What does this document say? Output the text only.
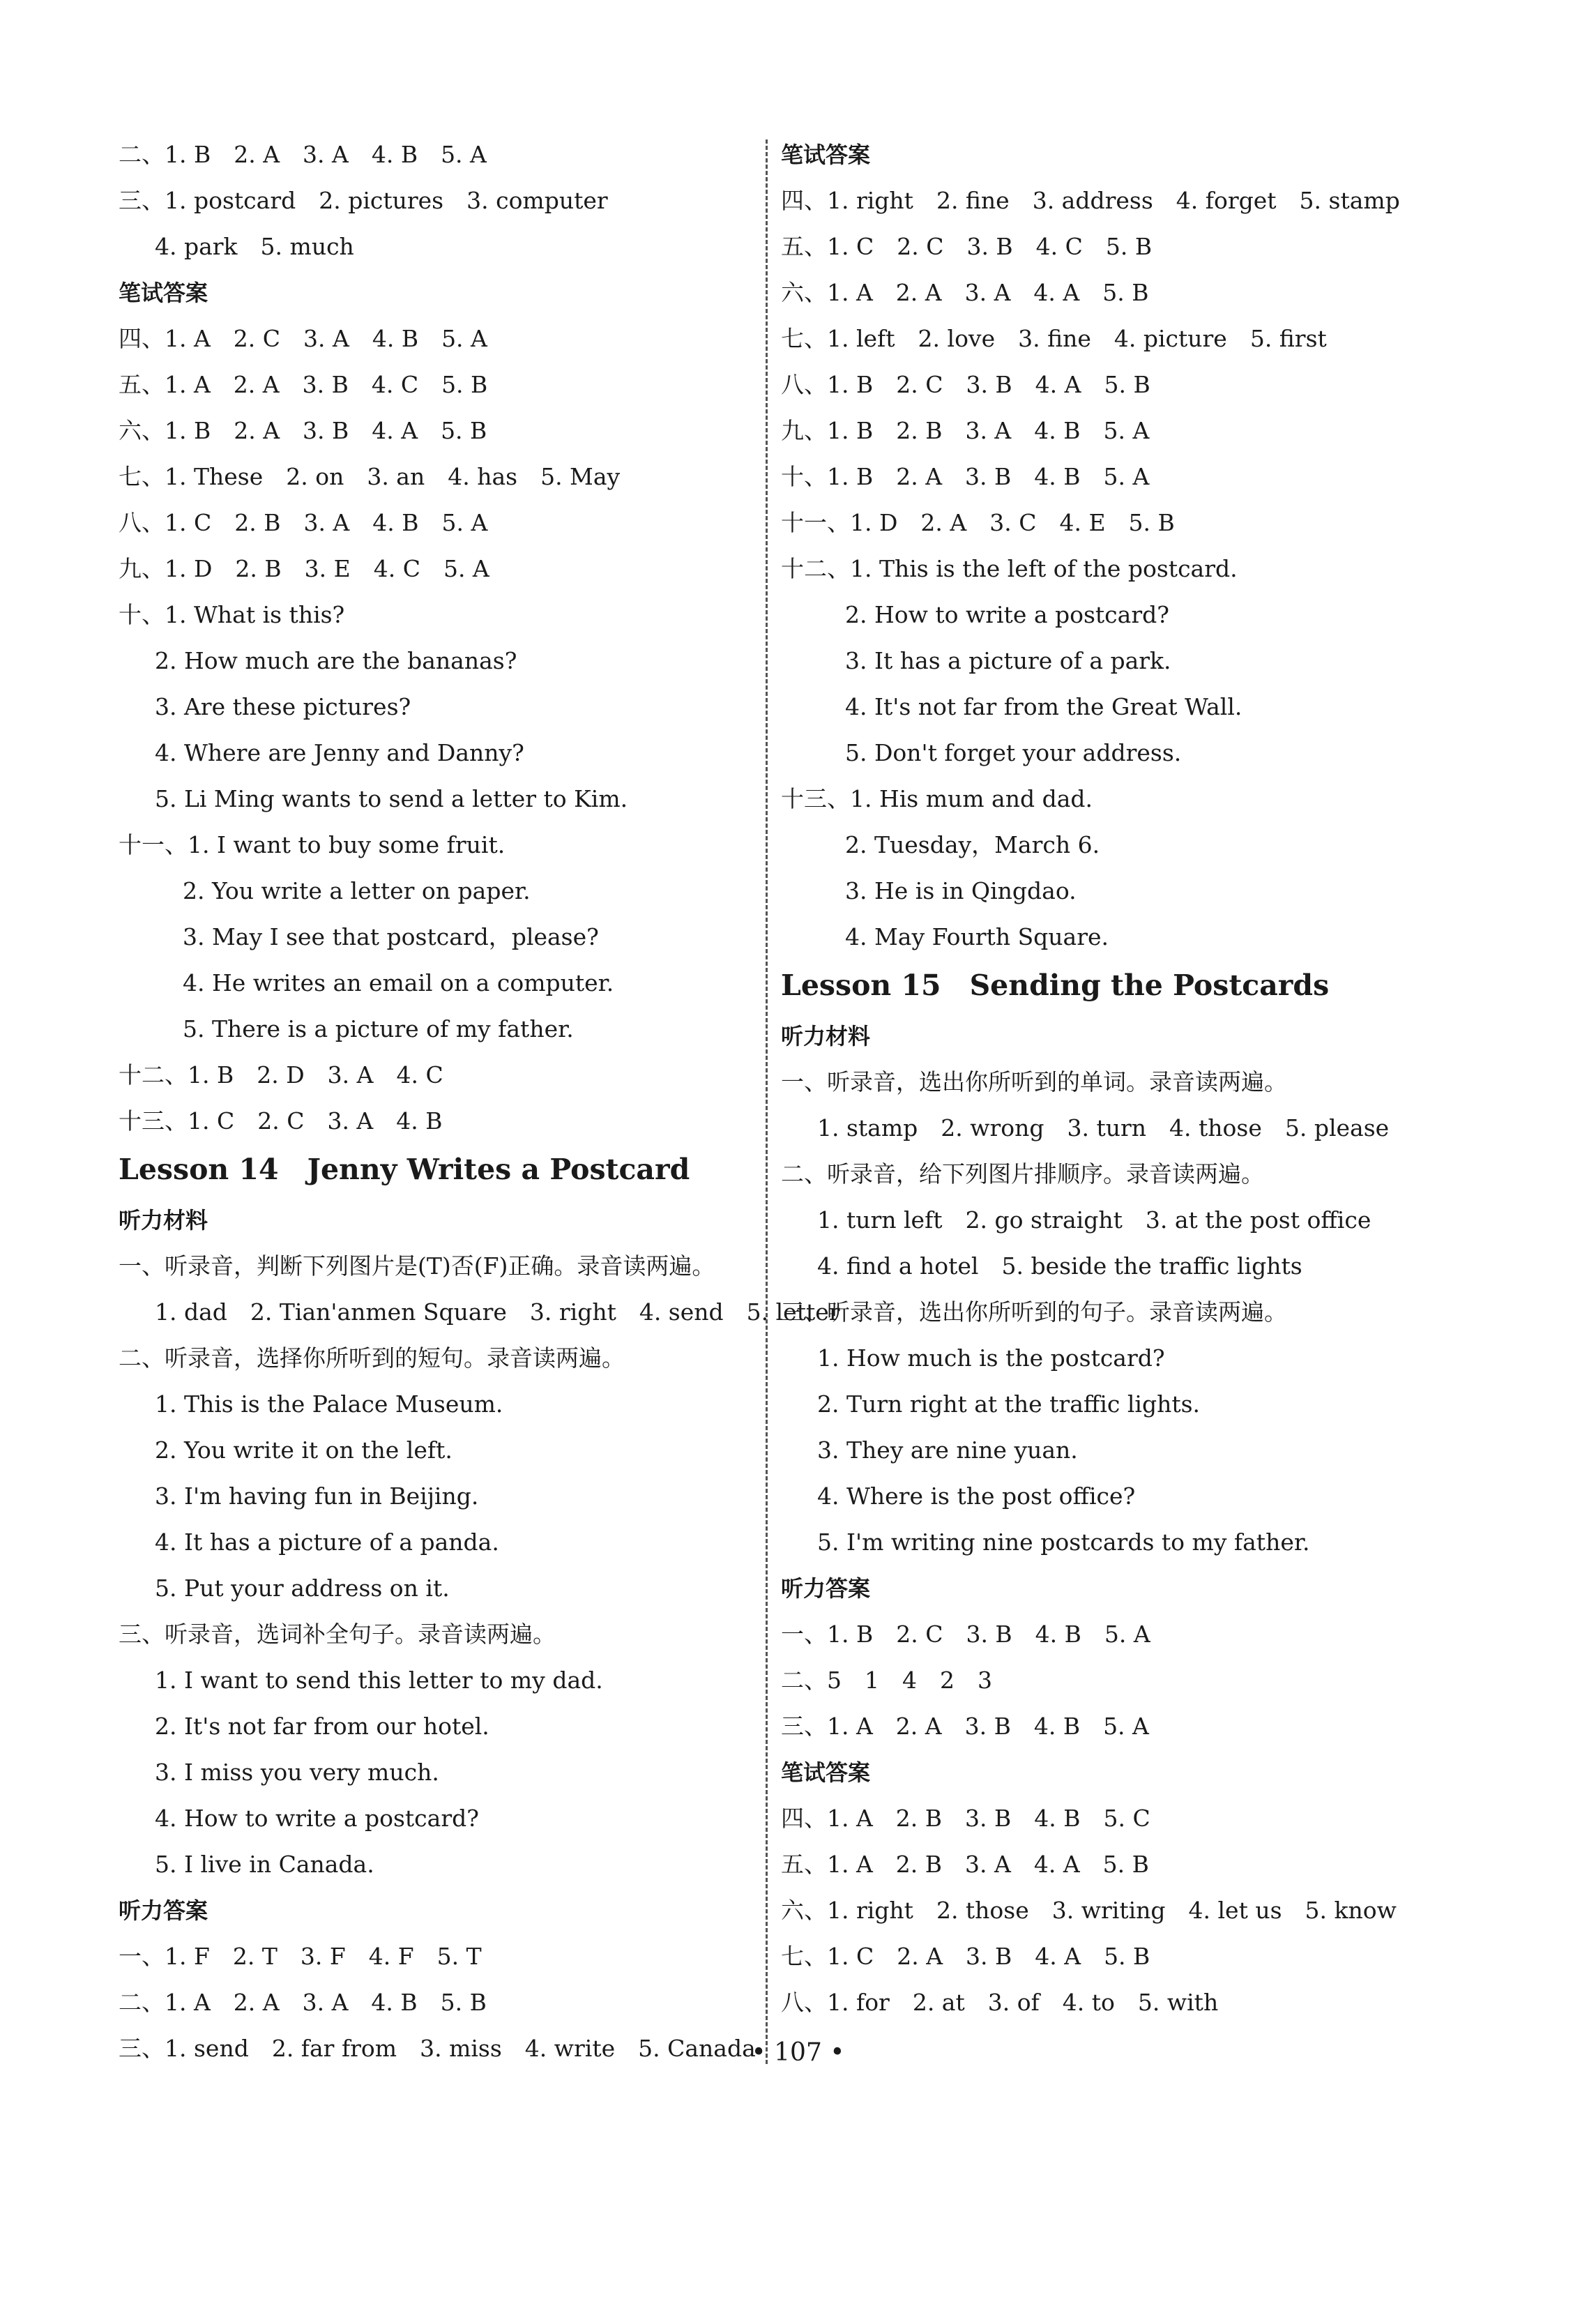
二、1. B　2. A　3. A　4. B　5. A
三、1. postcard　2. pictures　3. computer
4. park　5. much
笔试答案
四、1. A　2. C　3. A　4. B　5. A
五、1. A　2. A　3. B　4. C　5. B
六、1. B　2. A　3. B　4. A　5. B
七、1. These　2. on　3. an　4. has　5. May
八、1. C　2. B　3. A　4. B　5. A
九、1. D　2. B　3. E　4. C　5. A
十、1. What is this?
2. How much are the bananas?
3. Are these pictures?
4. Where are Jenny and Danny?
5. Li Ming wants to send a letter to Kim.
十一、1. I want to buy some fruit.
2. You write a letter on paper.
3. May I see that postcard，please?
4. He writes an email on a computer.
5. There is a picture of my father.
十二、1. B　2. D　3. A　4. C
十三、1. C　2. C　3. A　4. B
Lesson 14　Jenny Writes a Postcard
听力材料
一、听录音，判断下列图片是(T)否(F)正确。录音读两遍。
1. dad　2. Tian'anmen Square　3. right　4. send　5. letter
二、听录音，选择你所听到的短句。录音读两遍。
1. This is the Palace Museum.
2. You write it on the left.
3. I'm having fun in Beijing.
4. It has a picture of a panda.
5. Put your address on it.
三、听录音，选词补全句子。录音读两遍。
1. I want to send this letter to my dad.
2. It's not far from our hotel.
3. I miss you very much.
4. How to write a postcard?
5. I live in Canada.
听力答案
一、1. F　2. T　3. F　4. F　5. T
二、1. A　2. A　3. A　4. B　5. B
三、1. send　2. far from　3. miss　4. write　5. Canada
笔试答案
四、1. right　2. fine　3. address　4. forget　5. stamp
五、1. C　2. C　3. B　4. C　5. B
六、1. A　2. A　3. A　4. A　5. B
七、1. left　2. love　3. fine　4. picture　5. first
八、1. B　2. C　3. B　4. A　5. B
九、1. B　2. B　3. A　4. B　5. A
十、1. B　2. A　3. B　4. B　5. A
十一、1. D　2. A　3. C　4. E　5. B
十二、1. This is the left of the postcard.
2. How to write a postcard?
3. It has a picture of a park.
4. It's not far from the Great Wall.
5. Don't forget your address.
十三、1. His mum and dad.
2. Tuesday，March 6.
3. He is in Qingdao.
4. May Fourth Square.
Lesson 15　Sending the Postcards
听力材料
一、听录音，选出你所听到的单词。录音读两遍。
1. stamp　2. wrong　3. turn　4. those　5. please
二、听录音，给下列图片排顺序。录音读两遍。
1. turn left　2. go straight　3. at the post office
4. find a hotel　5. beside the traffic lights
三、听录音，选出你所听到的句子。录音读两遍。
1. How much is the postcard?
2. Turn right at the traffic lights.
3. They are nine yuan.
4. Where is the post office?
5. I'm writing nine postcards to my father.
听力答案
一、1. B　2. C　3. B　4. B　5. A
二、5　1　4　2　3
三、1. A　2. A　3. B　4. B　5. A
笔试答案
四、1. A　2. B　3. B　4. B　5. C
五、1. A　2. B　3. A　4. A　5. B
六、1. right　2. those　3. writing　4. let us　5. know
七、1. C　2. A　3. B　4. A　5. B
八、1. for　2. at　3. of　4. to　5. with
• 107 •
